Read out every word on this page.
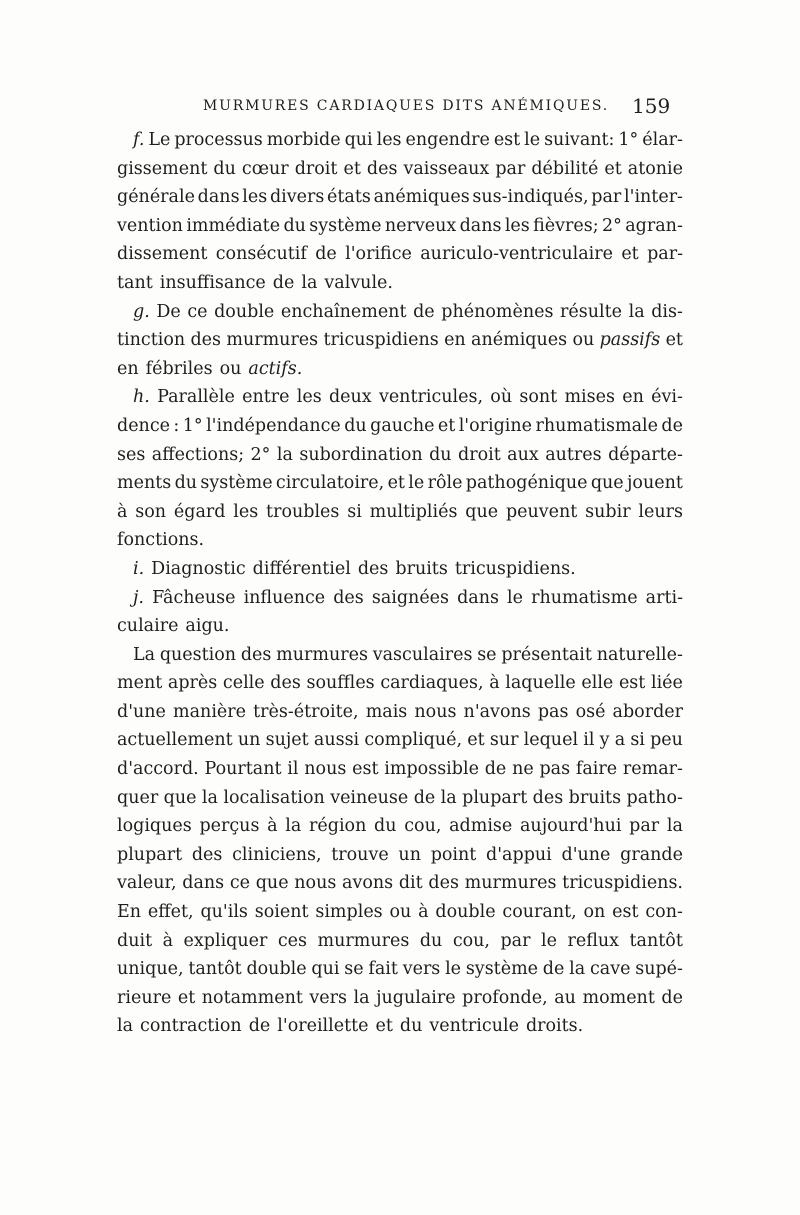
MURMURES CARDIAQUES DITS ANÉMIQUES. 159
f. Le processus morbide qui les engendre est le suivant: 1° élar-
gissement du cœur droit et des vaisseaux par débilité et atonie
générale dans les divers états anémiques sus-indiqués, par l'inter-
vention immédiate du système nerveux dans les fièvres; 2° agran-
dissement consécutif de l'orifice auriculo-ventriculaire et par-
tant insuffisance de la valvule.
g. De ce double enchaînement de phénomènes résulte la dis-
tinction des murmures tricuspidiens en anémiques ou passifs et
en fébriles ou actifs.
h. Parallèle entre les deux ventricules, où sont mises en évi-
dence : 1° l'indépendance du gauche et l'origine rhumatismale de
ses affections; 2° la subordination du droit aux autres départe-
ments du système circulatoire, et le rôle pathogénique que jouent
à son égard les troubles si multipliés que peuvent subir leurs
fonctions.
i. Diagnostic différentiel des bruits tricuspidiens.
j. Fâcheuse influence des saignées dans le rhumatisme arti-
culaire aigu.
La question des murmures vasculaires se présentait naturelle-
ment après celle des souffles cardiaques, à laquelle elle est liée
d'une manière très-étroite, mais nous n'avons pas osé aborder
actuellement un sujet aussi compliqué, et sur lequel il y a si peu
d'accord. Pourtant il nous est impossible de ne pas faire remar-
quer que la localisation veineuse de la plupart des bruits patho-
logiques perçus à la région du cou, admise aujourd'hui par la
plupart des cliniciens, trouve un point d'appui d'une grande
valeur, dans ce que nous avons dit des murmures tricuspidiens.
En effet, qu'ils soient simples ou à double courant, on est con-
duit à expliquer ces murmures du cou, par le reflux tantôt
unique, tantôt double qui se fait vers le système de la cave supé-
rieure et notamment vers la jugulaire profonde, au moment de
la contraction de l'oreillette et du ventricule droits.
